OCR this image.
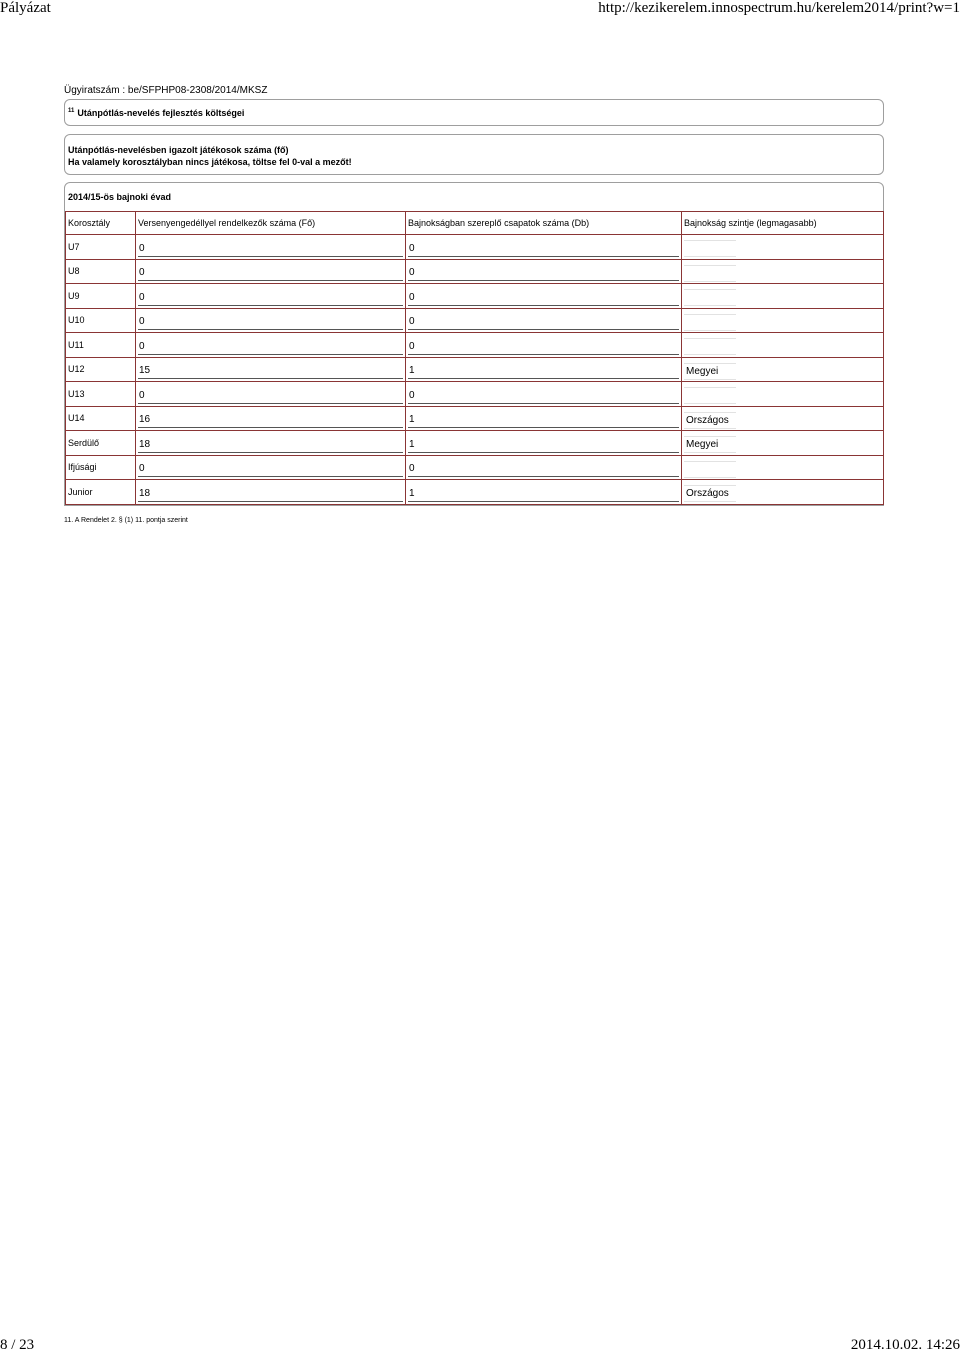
Pályázat	http://kezikerelem.innospectrum.hu/kerelem2014/print?w=1
Ügyiratszám : be/SFPHP08-2308/2014/MKSZ
$^{11}$ Utánpótlás-nevelés fejlesztés költségei
Utánpótlás-nevelésben igazolt játékosok száma (fő)
Ha valamely korosztályban nincs játékosa, töltse fel 0-val a mezőt!
2014/15-ös bajnoki évad
Korosztály	Versenyengedéllyel rendelkezők száma (Fő)	Bajnokságban szereplő csapatok száma (Db)	Bajnokság szintje (legmagasabb)
U7	0	0	

U8	0	0	

U9	0	0	

U10	0	0	

U11	0	0	

U12	15	1	Megyei

U13	0	0	

U14	16	1	Országos

Serdülő	18	1	Megyei

Ifjúsági	0	0	

Junior	18	1	Országos
11. A Rendelet 2. § (1) 11. pontja szerint
8 / 23	2014.10.02. 14:26
